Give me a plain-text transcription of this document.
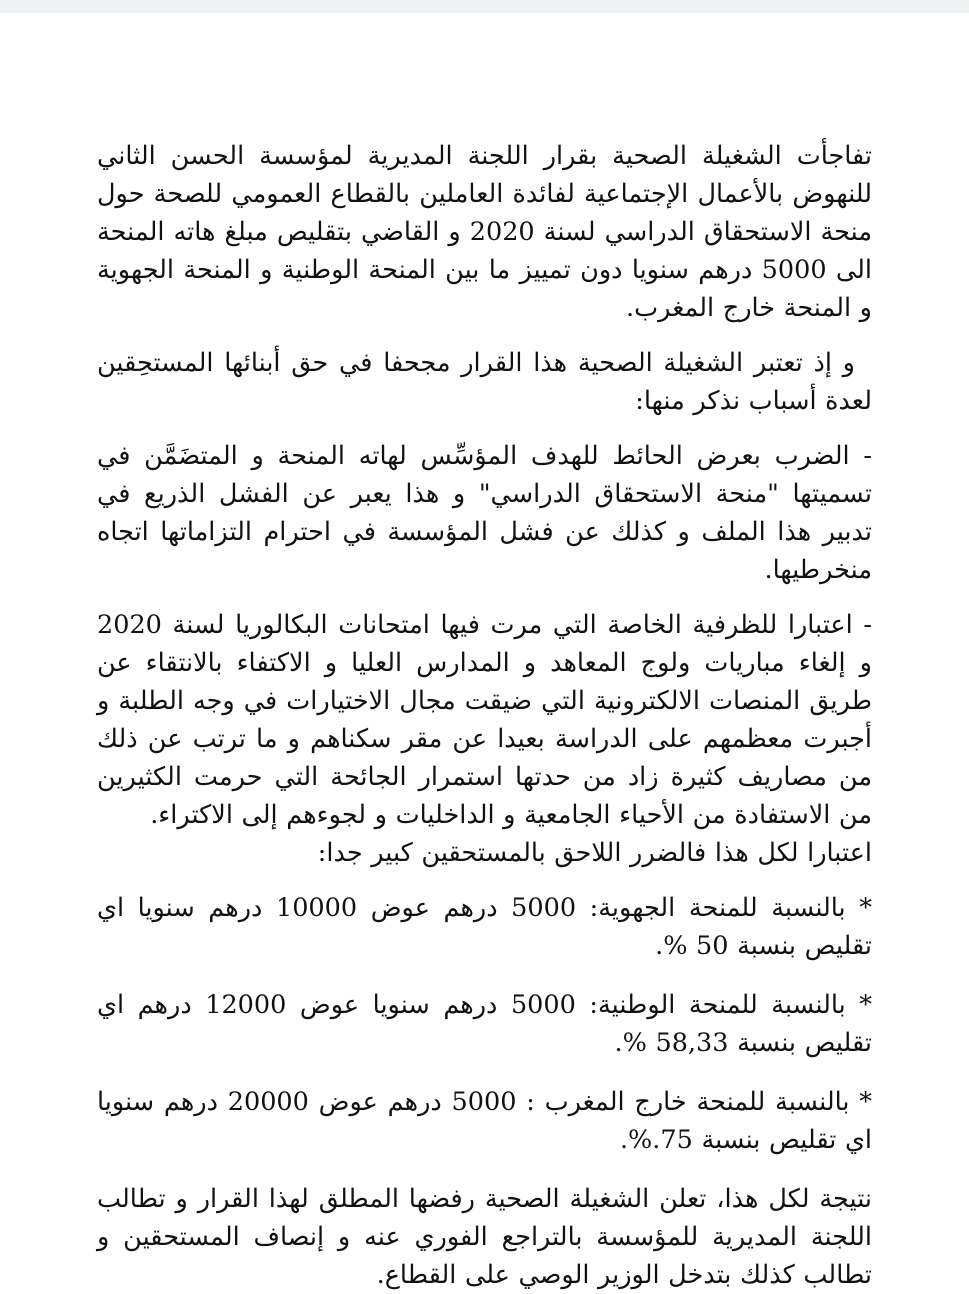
تفاجأت الشغيلة الصحية بقرار اللجنة المديرية لمؤسسة الحسن الثاني للنهوض بالأعمال الإجتماعية لفائدة العاملين بالقطاع العمومي للصحة حول منحة الاستحقاق الدراسي لسنة 2020 و القاضي بتقليص مبلغ هاته المنحة الى 5000 درهم سنويا دون تمييز ما بين المنحة الوطنية و المنحة الجهوية و المنحة خارج المغرب.

و إذ تعتبر الشغيلة الصحية هذا القرار مجحفا في حق أبنائها المستحِقين لعدة أسباب نذكر منها:

- الضرب بعرض الحائط للهدف المؤسِّس لهاته المنحة و المتضَمَّن في تسميتها "منحة الاستحقاق الدراسي" و هذا يعبر عن الفشل الذريع في تدبير هذا الملف و كذلك عن فشل المؤسسة في احترام التزاماتها اتجاه منخرطيها.

- اعتبارا للظرفية الخاصة التي مرت فيها امتحانات البكالوريا لسنة 2020 و إلغاء مباريات ولوج المعاهد و المدارس العليا و الاكتفاء بالانتقاء عن طريق المنصات الالكترونية التي ضيقت مجال الاختيارات في وجه الطلبة و أجبرت معظمهم على الدراسة بعيدا عن مقر سكناهم و ما ترتب عن ذلك من مصاريف كثيرة زاد من حدتها استمرار الجائحة التي حرمت الكثيرين من الاستفادة من الأحياء الجامعية و الداخليات و لجوءهم إلى الاكتراء.

اعتبارا لكل هذا فالضرر اللاحق بالمستحقين كبير جدا:

* بالنسبة للمنحة الجهوية: 5000 درهم عوض 10000 درهم سنويا اي تقليص بنسبة 50 %.

* بالنسبة للمنحة الوطنية: 5000 درهم سنويا عوض 12000 درهم اي تقليص بنسبة 58,33 %.

* بالنسبة للمنحة خارج المغرب : 5000 درهم عوض 20000 درهم سنويا اي تقليص بنسبة 75.%.

نتيجة لكل هذا، تعلن الشغيلة الصحية رفضها المطلق لهذا القرار و تطالب اللجنة المديرية للمؤسسة بالتراجع الفوري عنه و إنصاف المستحقين و تطالب كذلك بتدخل الوزير الوصي على القطاع.
